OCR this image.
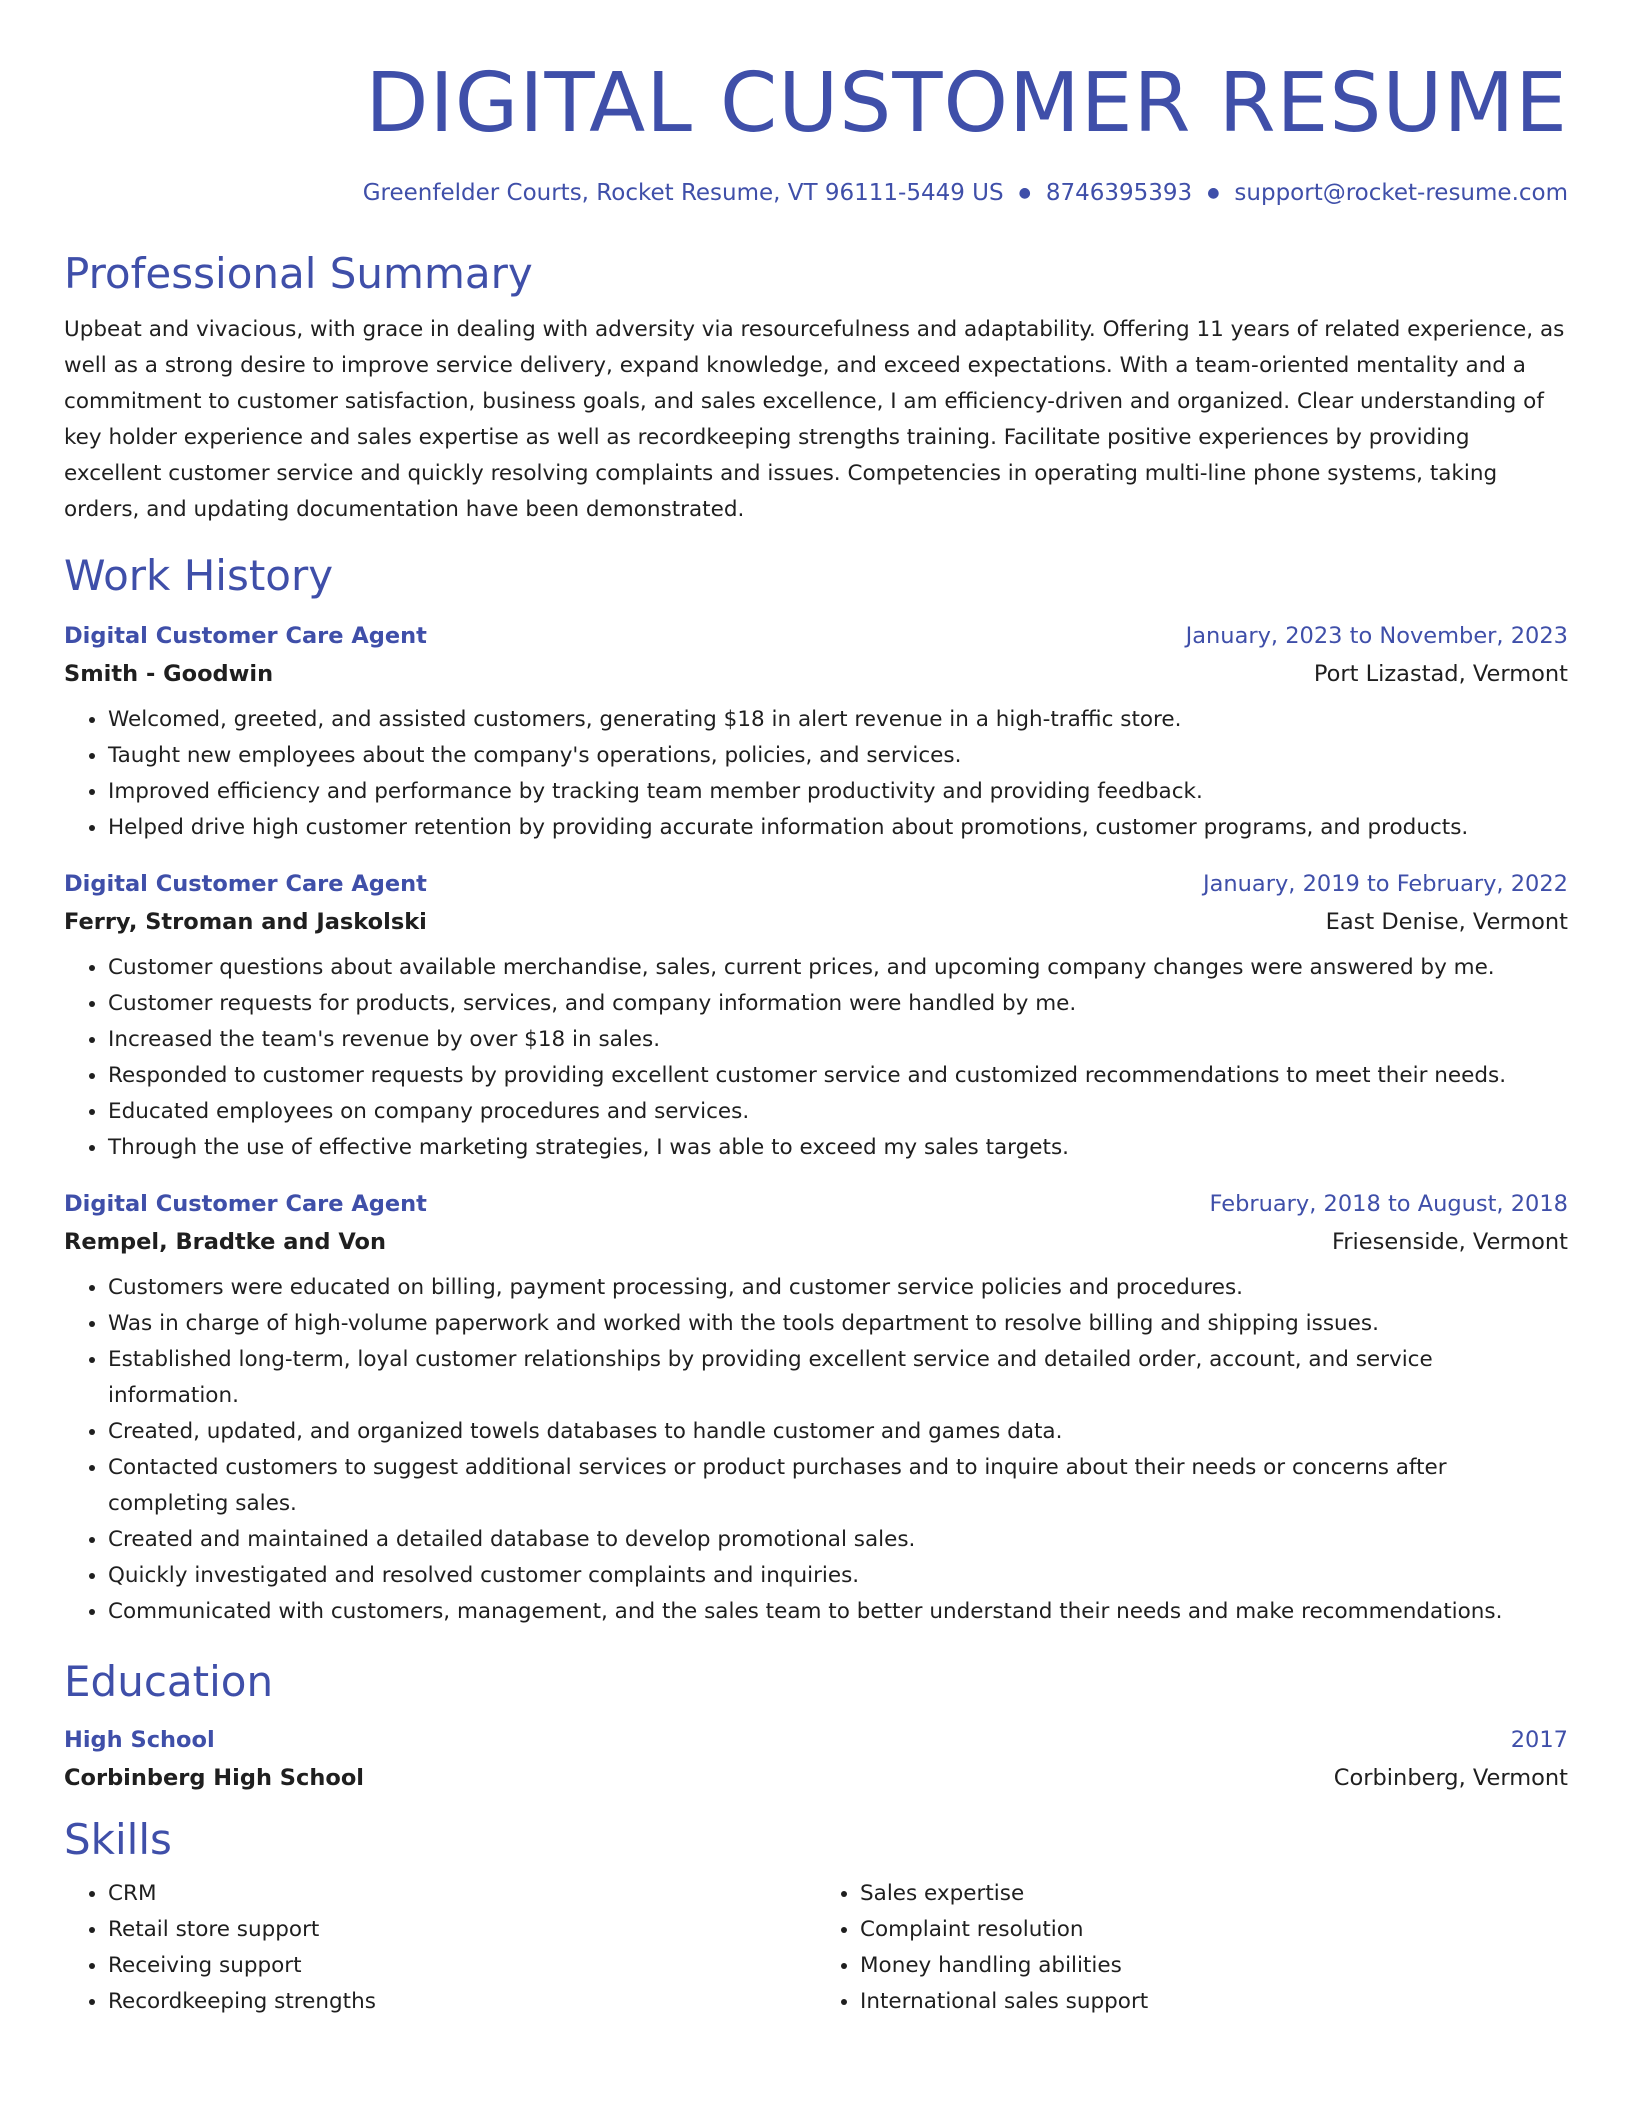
DIGITAL CUSTOMER RESUME
Greenfelder Courts, Rocket Resume, VT 96111-5449 US ● 8746395393 ● support@rocket-resume.com
Professional Summary
Upbeat and vivacious, with grace in dealing with adversity via resourcefulness and adaptability. Offering 11 years of related experience, as well as a strong desire to improve service delivery, expand knowledge, and exceed expectations. With a team-oriented mentality and a commitment to customer satisfaction, business goals, and sales excellence, I am efficiency-driven and organized. Clear understanding of key holder experience and sales expertise as well as recordkeeping strengths training. Facilitate positive experiences by providing excellent customer service and quickly resolving complaints and issues. Competencies in operating multi-line phone systems, taking orders, and updating documentation have been demonstrated.
Work History
Digital Customer Care Agent	January, 2023 to November, 2023
Smith - Goodwin	Port Lizastad, Vermont
• Welcomed, greeted, and assisted customers, generating $18 in alert revenue in a high-traffic store.
• Taught new employees about the company's operations, policies, and services.
• Improved efficiency and performance by tracking team member productivity and providing feedback.
• Helped drive high customer retention by providing accurate information about promotions, customer programs, and products.
Digital Customer Care Agent	January, 2019 to February, 2022
Ferry, Stroman and Jaskolski	East Denise, Vermont
• Customer questions about available merchandise, sales, current prices, and upcoming company changes were answered by me.
• Customer requests for products, services, and company information were handled by me.
• Increased the team's revenue by over $18 in sales.
• Responded to customer requests by providing excellent customer service and customized recommendations to meet their needs.
• Educated employees on company procedures and services.
• Through the use of effective marketing strategies, I was able to exceed my sales targets.
Digital Customer Care Agent	February, 2018 to August, 2018
Rempel, Bradtke and Von	Friesenside, Vermont
• Customers were educated on billing, payment processing, and customer service policies and procedures.
• Was in charge of high-volume paperwork and worked with the tools department to resolve billing and shipping issues.
• Established long-term, loyal customer relationships by providing excellent service and detailed order, account, and service information.
• Created, updated, and organized towels databases to handle customer and games data.
• Contacted customers to suggest additional services or product purchases and to inquire about their needs or concerns after completing sales.
• Created and maintained a detailed database to develop promotional sales.
• Quickly investigated and resolved customer complaints and inquiries.
• Communicated with customers, management, and the sales team to better understand their needs and make recommendations.
Education
High School	2017
Corbinberg High School	Corbinberg, Vermont
Skills
• CRM
• Retail store support
• Receiving support
• Recordkeeping strengths
• Sales expertise
• Complaint resolution
• Money handling abilities
• International sales support
